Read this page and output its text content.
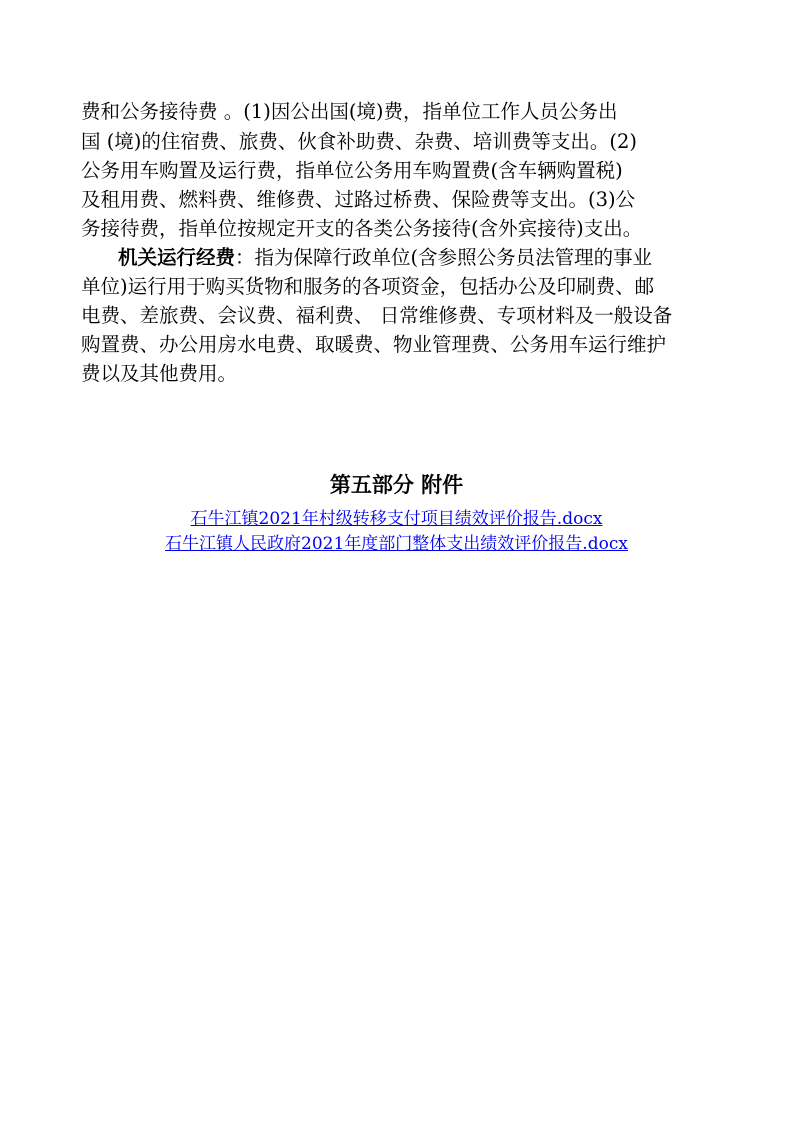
费和公务接待费 。(1)因公出国(境)费，指单位工作人员公务出
国 (境)的住宿费、旅费、伙食补助费、杂费、培训费等支出。(2)
公务用车购置及运行费，指单位公务用车购置费(含车辆购置税)
及租用费、燃料费、维修费、过路过桥费、保险费等支出。(3)公
务接待费，指单位按规定开支的各类公务接待(含外宾接待)支出。
机关运行经费：指为保障行政单位(含参照公务员法管理的事业
单位)运行用于购买货物和服务的各项资金，包括办公及印刷费、邮
电费、差旅费、会议费、福利费、 日常维修费、专项材料及一般设备
购置费、办公用房水电费、取暖费、物业管理费、公务用车运行维护
费以及其他费用。
第五部分 附件
石牛江镇2021年村级转移支付项目绩效评价报告.docx
石牛江镇人民政府2021年度部门整体支出绩效评价报告.docx
